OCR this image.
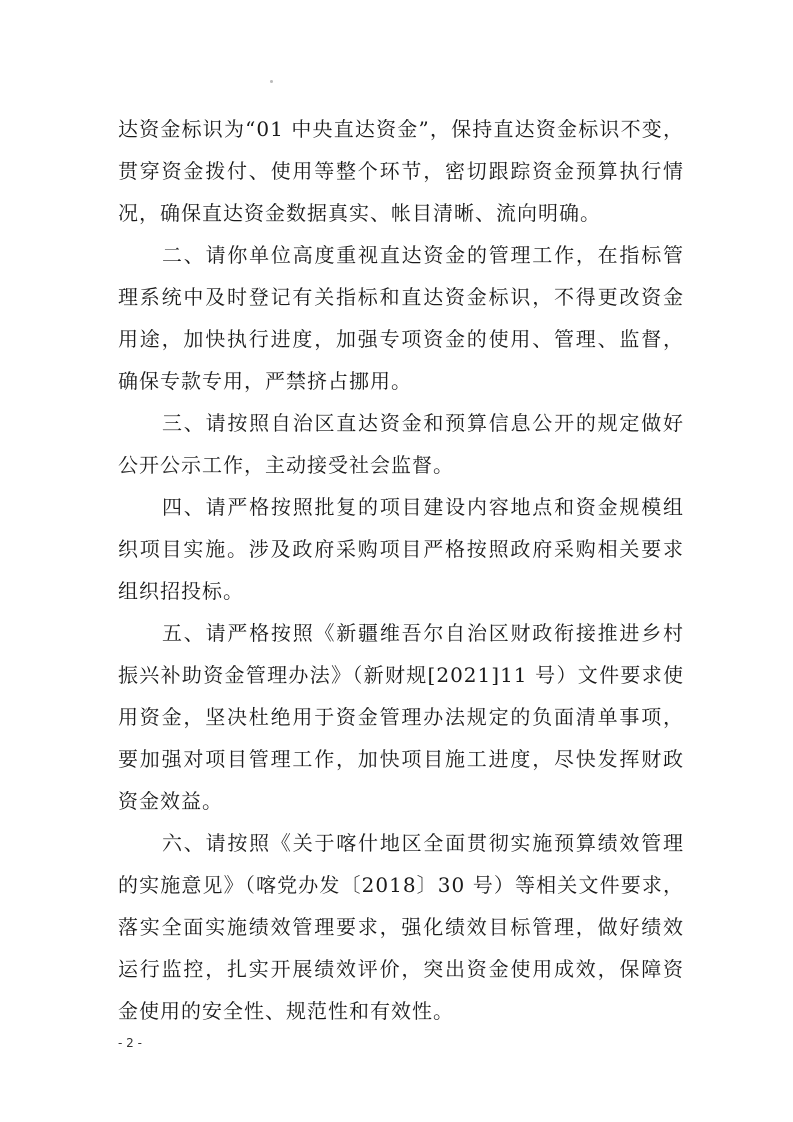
达资金标识为“01 中央直达资金”，保持直达资金标识不变，贯穿资金拨付、使用等整个环节，密切跟踪资金预算执行情况，确保直达资金数据真实、帐目清晰、流向明确。

二、请你单位高度重视直达资金的管理工作，在指标管理系统中及时登记有关指标和直达资金标识，不得更改资金用途，加快执行进度，加强专项资金的使用、管理、监督，确保专款专用，严禁挤占挪用。

三、请按照自治区直达资金和预算信息公开的规定做好公开公示工作，主动接受社会监督。

四、请严格按照批复的项目建设内容地点和资金规模组织项目实施。涉及政府采购项目严格按照政府采购相关要求组织招投标。

五、请严格按照《新疆维吾尔自治区财政衔接推进乡村振兴补助资金管理办法》（新财规[2021]11 号）文件要求使用资金，坚决杜绝用于资金管理办法规定的负面清单事项，要加强对项目管理工作，加快项目施工进度，尽快发挥财政资金效益。

六、请按照《关于喀什地区全面贯彻实施预算绩效管理的实施意见》（喀党办发〔2018〕30 号）等相关文件要求，落实全面实施绩效管理要求，强化绩效目标管理，做好绩效运行监控，扎实开展绩效评价，突出资金使用成效，保障资金使用的安全性、规范性和有效性。

- 2 -
